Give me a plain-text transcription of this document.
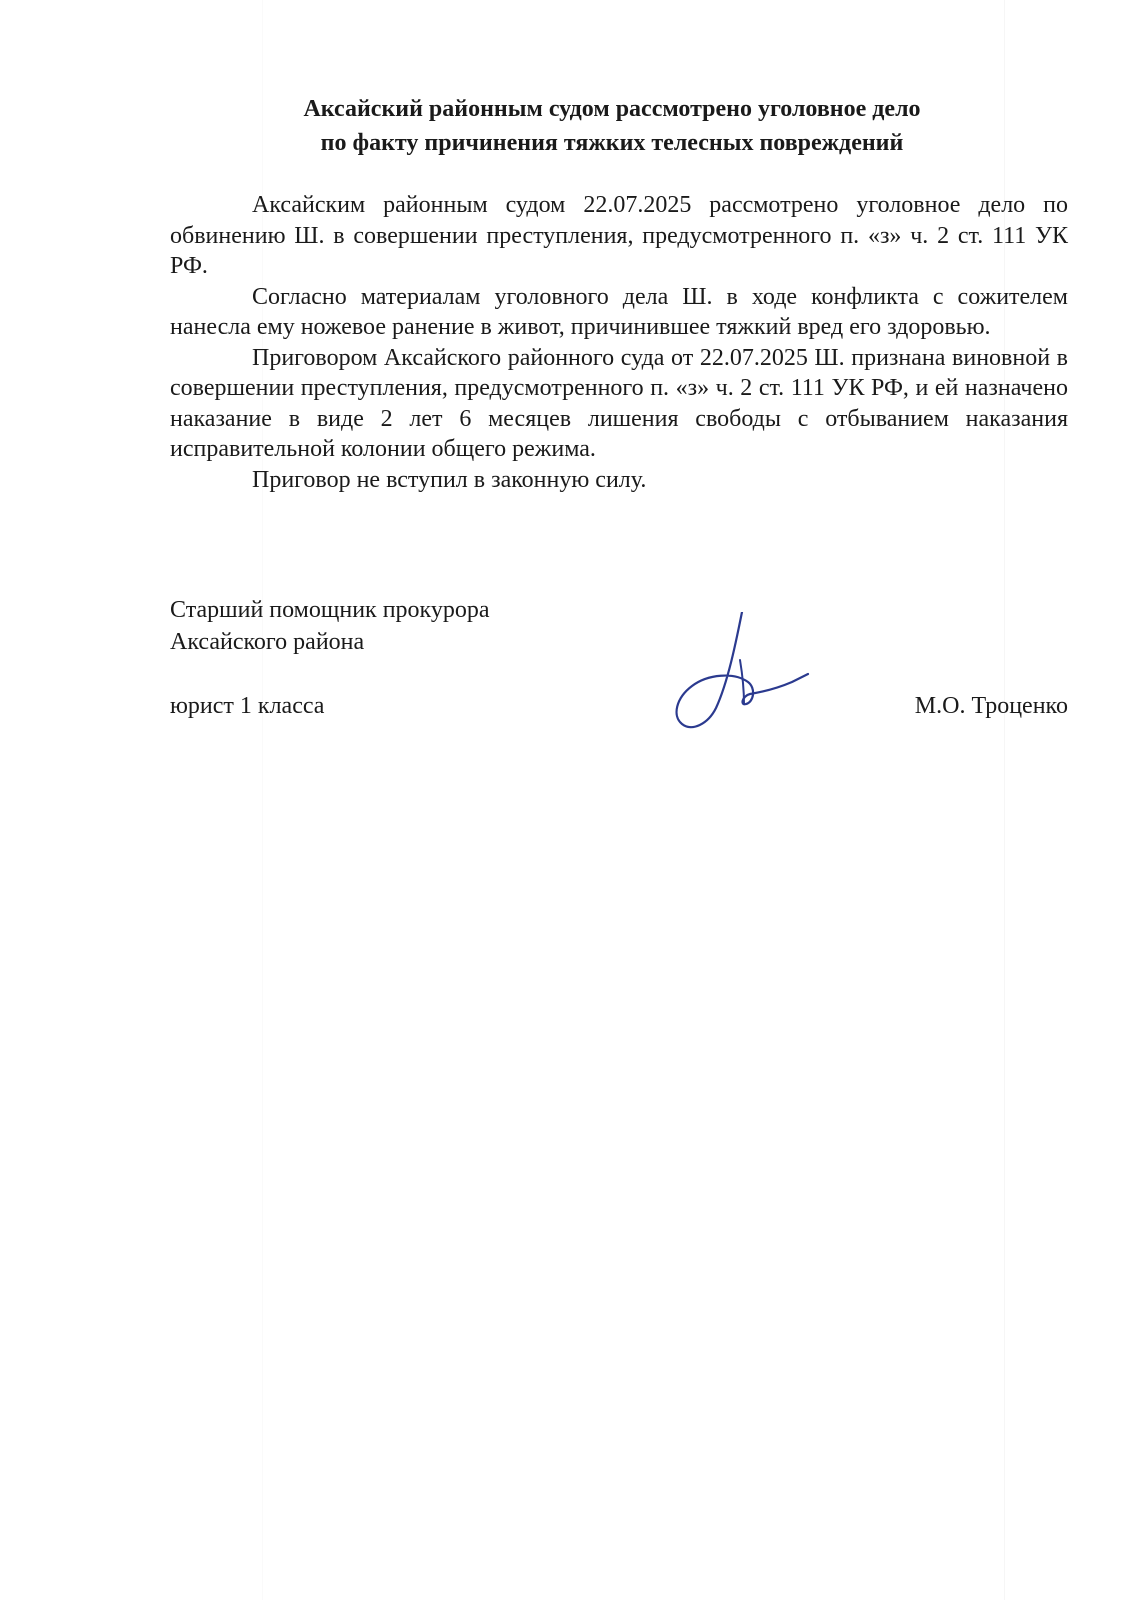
Аксайский районным судом рассмотрено уголовное дело
по факту причинения тяжких телесных повреждений

Аксайским районным судом 22.07.2025 рассмотрено уголовное дело по обвинению Ш. в совершении преступления, предусмотренного п. «з» ч. 2 ст. 111 УК РФ.

Согласно материалам уголовного дела Ш. в ходе конфликта с сожителем нанесла ему ножевое ранение в живот, причинившее тяжкий вред его здоровью.

Приговором Аксайского районного суда от 22.07.2025 Ш. признана виновной в совершении преступления, предусмотренного п. «з» ч. 2 ст. 111 УК РФ, и ей назначено наказание в виде 2 лет 6 месяцев лишения свободы с отбыванием наказания исправительной колонии общего режима.

Приговор не вступил в законную силу.

Старший помощник прокурора
Аксайского района
юрист 1 класса	М.О. Троценко
